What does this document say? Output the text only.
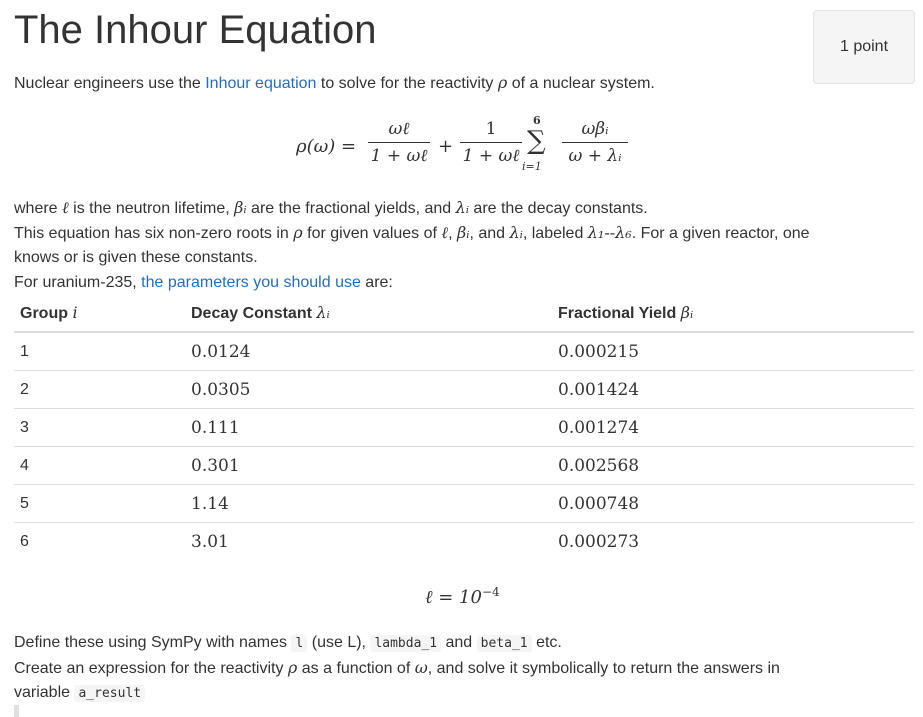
The Inhour Equation	1 point

Nuclear engineers use the Inhour equation to solve for the reactivity ρ of a nuclear system.

ρ(ω) =
ωℓ
1 + ωℓ +
1
1 + ωℓ
6
∑
i=1
ωβᵢ
ω + λᵢ

where ℓ is the neutron lifetime, βᵢ are the fractional yields, and λᵢ are the decay constants.

This equation has six non-zero roots in ρ for given values of ℓ, βᵢ, and λᵢ, labeled λ₁--λ₆. For a given reactor, one

knows or is given these constants.

For uranium-235, the parameters you should use are:

Group i	Decay Constant λᵢ	Fractional Yield βᵢ
1	0.0124	0.000215
2	0.0305	0.001424
3	0.111	0.001274
4	0.301	0.002568
5	1.14	0.000748
6	3.01	0.000273
ℓ = $10^{-4}$

Define these using SymPy with names l (use L), lambda_1 and beta_1 etc.

Create an expression for the reactivity ρ as a function of ω, and solve it symbolically to return the answers in

variable a_result
